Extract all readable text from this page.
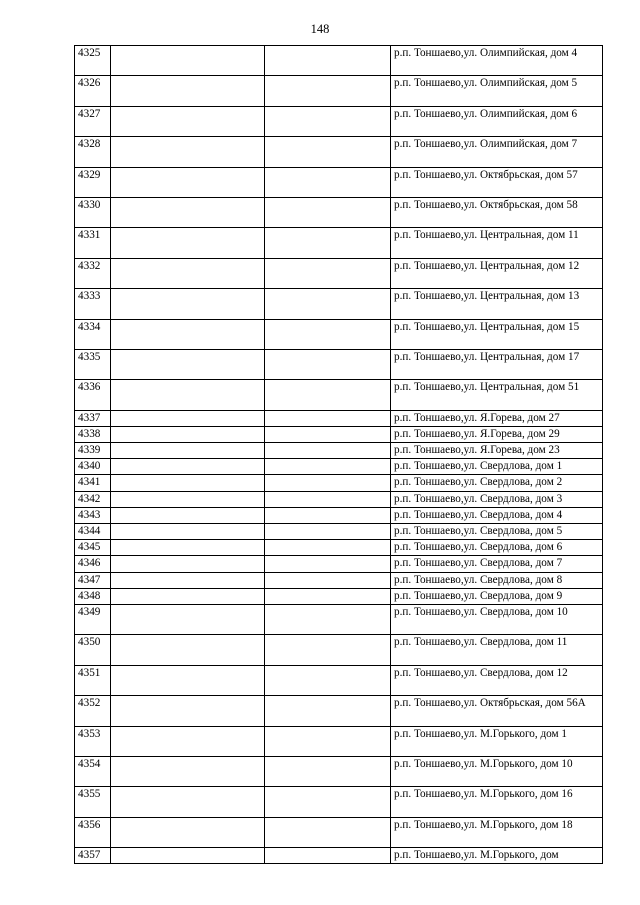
148
4325			р.п. Тоншаево,ул. Олимпийская, дом 4
4326			р.п. Тоншаево,ул. Олимпийская, дом 5
4327			р.п. Тоншаево,ул. Олимпийская, дом 6
4328			р.п. Тоншаево,ул. Олимпийская, дом 7
4329			р.п. Тоншаево,ул. Октябрьская, дом 57
4330			р.п. Тоншаево,ул. Октябрьская, дом 58
4331			р.п. Тоншаево,ул. Центральная, дом 11
4332			р.п. Тоншаево,ул. Центральная, дом 12
4333			р.п. Тоншаево,ул. Центральная, дом 13
4334			р.п. Тоншаево,ул. Центральная, дом 15
4335			р.п. Тоншаево,ул. Центральная, дом 17
4336			р.п. Тоншаево,ул. Центральная, дом 51
4337			р.п. Тоншаево,ул. Я.Горева, дом 27
4338			р.п. Тоншаево,ул. Я.Горева, дом 29
4339			р.п. Тоншаево,ул. Я.Горева, дом 23
4340			р.п. Тоншаево,ул. Свердлова, дом 1
4341			р.п. Тоншаево,ул. Свердлова, дом 2
4342			р.п. Тоншаево,ул. Свердлова, дом 3
4343			р.п. Тоншаево,ул. Свердлова, дом 4
4344			р.п. Тоншаево,ул. Свердлова, дом 5
4345			р.п. Тоншаево,ул. Свердлова, дом 6
4346			р.п. Тоншаево,ул. Свердлова, дом 7
4347			р.п. Тоншаево,ул. Свердлова, дом 8
4348			р.п. Тоншаево,ул. Свердлова, дом 9
4349			р.п. Тоншаево,ул. Свердлова, дом 10
4350			р.п. Тоншаево,ул. Свердлова, дом 11
4351			р.п. Тоншаево,ул. Свердлова, дом 12
4352			р.п. Тоншаево,ул. Октябрьская, дом 56А
4353			р.п. Тоншаево,ул. М.Горького, дом 1
4354			р.п. Тоншаево,ул. М.Горького, дом 10
4355			р.п. Тоншаево,ул. М.Горького, дом 16
4356			р.п. Тоншаево,ул. М.Горького, дом 18
4357			р.п. Тоншаево,ул. М.Горького, дом
